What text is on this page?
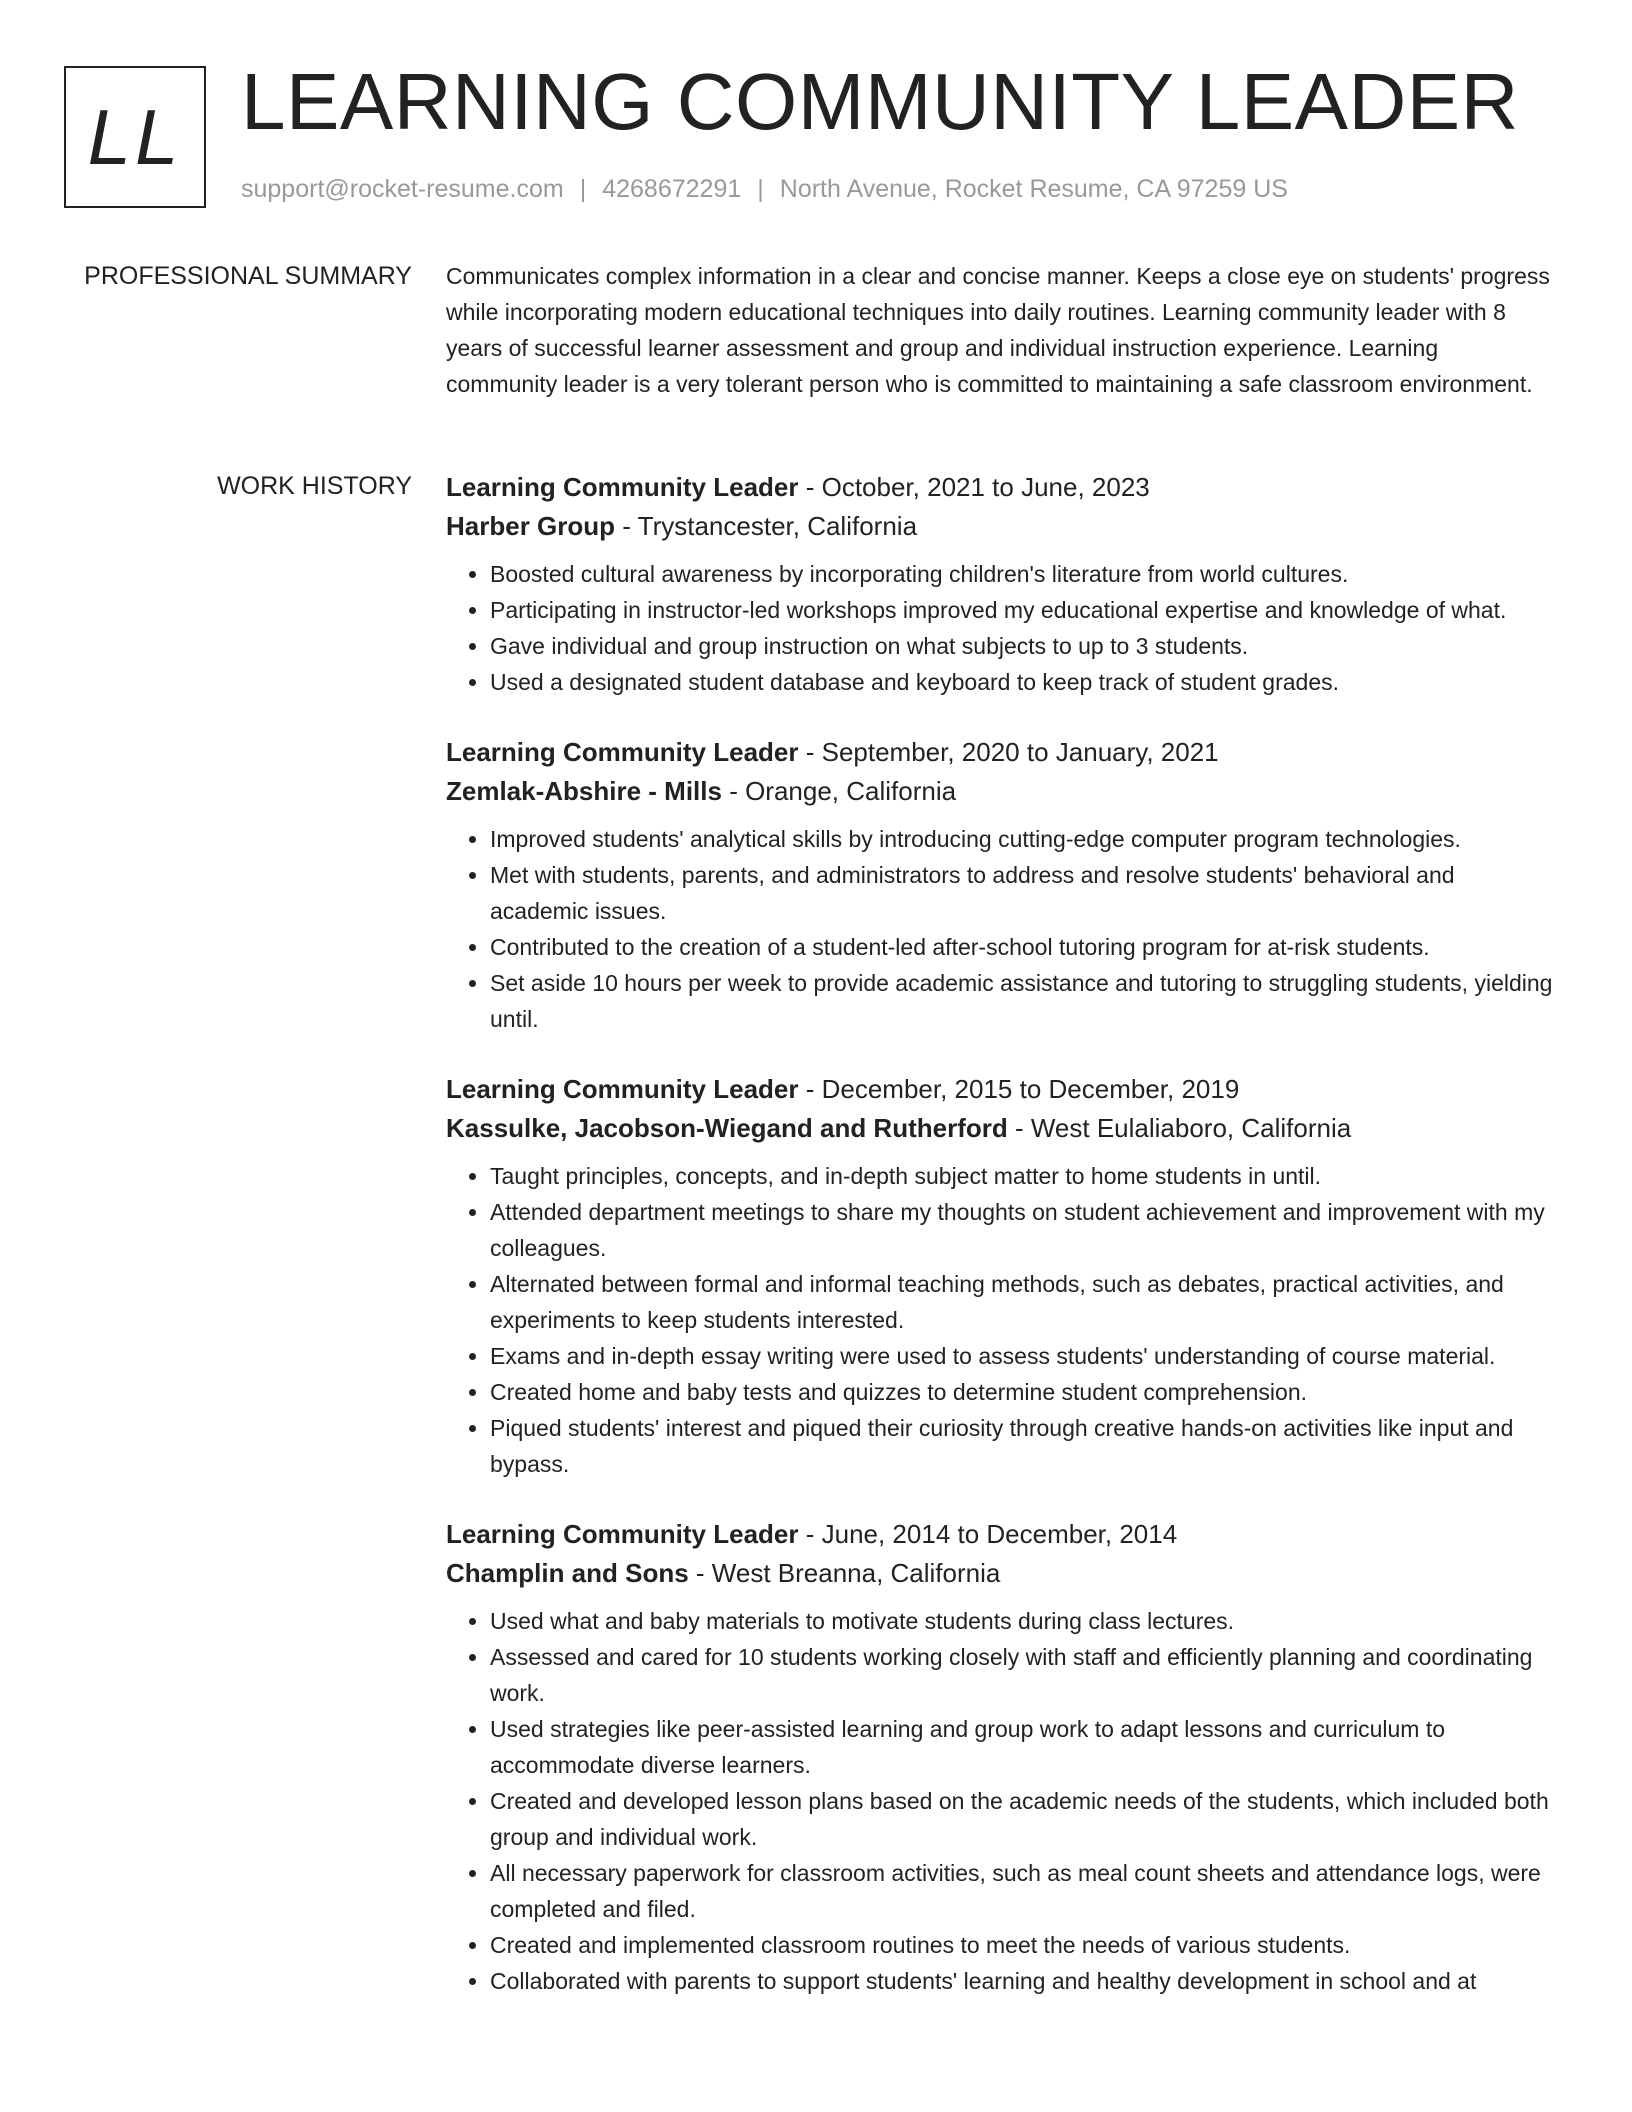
LL LEARNING COMMUNITY LEADER
support@rocket-resume.com | 4268672291 | North Avenue, Rocket Resume, CA 97259 US
PROFESSIONAL SUMMARY Communicates complex information in a clear and concise manner. Keeps a close eye on students' progress while incorporating modern educational techniques into daily routines. Learning community leader with 8 years of successful learner assessment and group and individual instruction experience. Learning community leader is a very tolerant person who is committed to maintaining a safe classroom environment.

WORK HISTORY Learning Community Leader - October, 2021 to June, 2023
Harber Group - Trystancester, California
• Boosted cultural awareness by incorporating children's literature from world cultures.
• Participating in instructor-led workshops improved my educational expertise and knowledge of what.
• Gave individual and group instruction on what subjects to up to 3 students.
• Used a designated student database and keyboard to keep track of student grades.
Learning Community Leader - September, 2020 to January, 2021
Zemlak-Abshire - Mills - Orange, California
• Improved students' analytical skills by introducing cutting-edge computer program technologies.
• Met with students, parents, and administrators to address and resolve students' behavioral and academic issues.
• Contributed to the creation of a student-led after-school tutoring program for at-risk students.
• Set aside 10 hours per week to provide academic assistance and tutoring to struggling students, yielding until.
Learning Community Leader - December, 2015 to December, 2019
Kassulke, Jacobson-Wiegand and Rutherford - West Eulaliaboro, California
• Taught principles, concepts, and in-depth subject matter to home students in until.
• Attended department meetings to share my thoughts on student achievement and improvement with my colleagues.
• Alternated between formal and informal teaching methods, such as debates, practical activities, and experiments to keep students interested.
• Exams and in-depth essay writing were used to assess students' understanding of course material.
• Created home and baby tests and quizzes to determine student comprehension.
• Piqued students' interest and piqued their curiosity through creative hands-on activities like input and bypass.
Learning Community Leader - June, 2014 to December, 2014
Champlin and Sons - West Breanna, California
• Used what and baby materials to motivate students during class lectures.
• Assessed and cared for 10 students working closely with staff and efficiently planning and coordinating work.
• Used strategies like peer-assisted learning and group work to adapt lessons and curriculum to accommodate diverse learners.
• Created and developed lesson plans based on the academic needs of the students, which included both group and individual work.
• All necessary paperwork for classroom activities, such as meal count sheets and attendance logs, were completed and filed.
• Created and implemented classroom routines to meet the needs of various students.
• Collaborated with parents to support students' learning and healthy development in school and at
